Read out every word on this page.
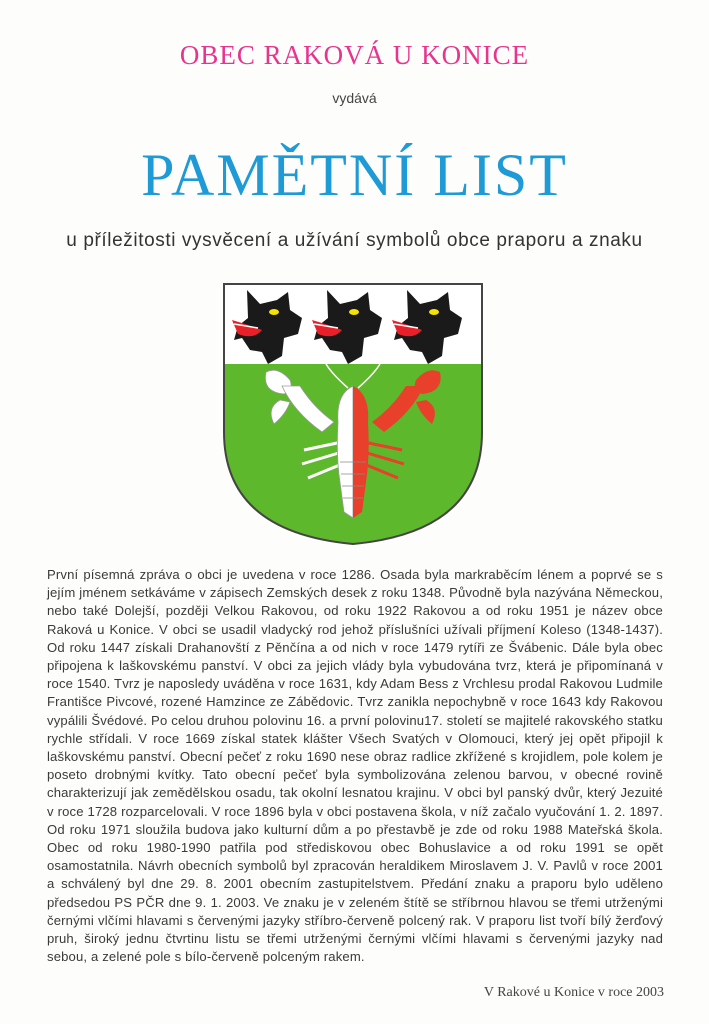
OBEC RAKOVÁ U KONICE
vydává
PAMĚTNÍ LIST
u příležitosti vysvěcení a užívání symbolů obce praporu a znaku

První písemná zpráva o obci je uvedena v roce 1286. Osada byla markraběcím lénem a poprvé se s jejím jménem setkáváme v zápisech Zemských desek z roku 1348. Původně byla nazývána Německou, nebo také Dolejší, později Velkou Rakovou, od roku 1922 Rakovou a od roku 1951 je název obce Raková u Konice. V obci se usadil vladycký rod jehož příslušníci užívali příjmení Koleso (1348-1437). Od roku 1447 získali Drahanovští z Pěnčína a od nich v roce 1479 rytíři ze Švábenic. Dále byla obec připojena k laškovskému panství. V obci za jejich vlády byla vybudována tvrz, která je připomínaná v roce 1540. Tvrz je naposledy uváděna v roce 1631, kdy Adam Bess z Vrchlesu prodal Rakovou Ludmile Františce Pivcové, rozené Hamzince ze Zábědovic. Tvrz zanikla nepochybně v roce 1643 kdy Rakovou vypálili Švédové. Po celou druhou polovinu 16. a první polovinu17. století se majitelé rakovského statku rychle střídali. V roce 1669 získal statek klášter Všech Svatých v Olomouci, který jej opět připojil k laškovskému panství. Obecní pečeť z roku 1690 nese obraz radlice zkřížené s krojidlem, pole kolem je poseto drobnými kvítky. Tato obecní pečeť byla symbolizována zelenou barvou, v obecné rovině charakterizují jak zemědělskou osadu, tak okolní lesnatou krajinu. V obci byl panský dvůr, který Jezuité v roce 1728 rozparcelovali. V roce 1896 byla v obci postavena škola, v níž začalo vyučování 1. 2. 1897. Od roku 1971 sloužila budova jako kulturní dům a po přestavbě je zde od roku 1988 Mateřská škola. Obec od roku 1980-1990 patřila pod střediskovou obec Bohuslavice a od roku 1991 se opět osamostatnila. Návrh obecních symbolů byl zpracován heraldikem Miroslavem J. V. Pavlů v roce 2001 a schválený byl dne 29. 8. 2001 obecním zastupitelstvem. Předání znaku a praporu bylo uděleno předsedou PS PČR dne 9. 1. 2003. Ve znaku je v zeleném štítě se stříbrnou hlavou se třemi utrženými černými vlčími hlavami s červenými jazyky stříbro-červeně polcený rak. V praporu list tvoří bílý žerďový pruh, široký jednu čtvrtinu listu se třemi utrženými černými vlčími hlavami s červenými jazyky nad sebou, a zelené pole s bílo-červeně polceným rakem.

V Rakové u Konice v roce 2003
